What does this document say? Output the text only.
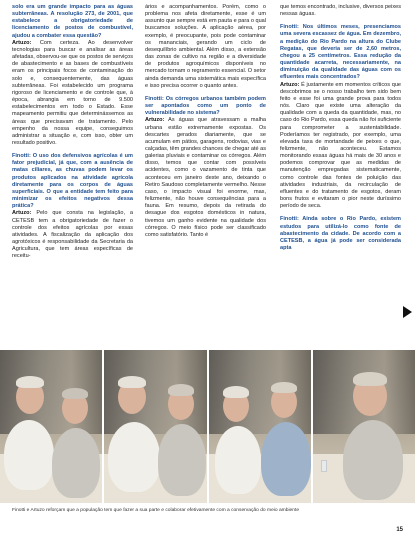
solo era um grande impacto para as águas subterrâneas. A resolução 273, de 2001, que estabelece a obrigatoriedade de licenciamento de postos de combustível, ajudou a combater essa questão?

Artuzo: Com certeza. Ao desenvolver tecnologias para buscar e analisar as áreas afetadas, observou-se que os postos de serviços de abastecimento e as bases de combustíveis eram os principais focos de contaminação do solo e, consequentemente, das águas subterrâneas. Foi estabelecido um programa rigoroso de licenciamento e de controle que, à época, abrangia em torno de 9.500 estabelecimentos em todo o Estado. Esse mapeamento permitiu que determinássemos as áreas que precisavam de tratamento. Pelo empenho da nossa equipe, conseguimos administrar a situação e, com isso, obter um resultado positivo.

Finotti: O uso dos defensivos agrícolas é um fator prejudicial, já que, com a ausência de matas ciliares, as chuvas podem levar os produtos aplicados na atividade agrícola diretamente para os corpos de águas superficiais. O que a entidade tem feito para minimizar os efeitos negativos dessa prática?

Artuzo: Pelo que consta na legislação, a CETESB tem a obrigatoriedade de fazer o controle dos efeitos agrícolas por essas atividades. A fiscalização da aplicação dos agrotóxicos é responsabilidade da Secretaria da Agricultura, que tem áreas específicas de receitu-

ários e acompanhamentos. Porém, como o problema nos afeta diretamente, esse é um assunto que sempre está em pauta e para o qual buscamos soluções. A aplicação aérea, por exemplo, é preocupante, pois pode contaminar os mananciais, gerando um ciclo de desequilíbrio ambiental. Além disso, a extensão das zonas de cultivo na região e a diversidade de produtos agroquímicos disponíveis no mercado tornam o regramento essencial. O setor ainda demanda uma sistemática mais específica e isso precisa ocorrer o quanto antes.

Finotti: Os córregos urbanos também podem ser apontados como um ponto de vulnerabilidade no sistema?

Artuzo: As águas que atravessam a malha urbana estão extremamente expostas. Os descartes gerados diariamente, que se acumulam em pátios, garagens, rodovias, vias e calçadas, têm grandes chances de chegar até as galerias pluviais e contaminar os córregos. Além disso, temos que contar com possíveis acidentes, como o vazamento de tinta que aconteceu em janeiro deste ano, deixando o Retiro Saudoso completamente vermelho. Nesse caso, o impacto visual foi enorme, mas, felizmente, não houve consequências para a fauna. Em resumo, depois da retirada do desague dos esgotos domésticos in natura, tivemos um ganho evidente na qualidade dos córregos. O meio físico pode ser classificado como satisfatório. Tanto é

que temos encontrado, inclusive, diversos peixes nessas águas.

Finotti: Nos últimos meses, presenciamos uma severa escassez de água. Em dezembro, a medição do Rio Pardo na altura do Clube Regatas, que deveria ser de 2,60 metros, chegou a 25 centímetros. Essa redução da quantidade acarreta, necessariamente, na diminuição da qualidade das águas com os efluentes mais concentrados?

Artuzo: É justamente em momentos críticos que descobrimos se o nosso trabalho tem sido bem feito e esse foi uma grande prova para todos nós. Claro que existe uma alteração da qualidade com a queda da quantidade, mas, no caso do Rio Pardo, essa queda não foi suficiente para comprometer a sustentabilidade. Poderíamos ter registrado, por exemplo, uma elevada taxa de mortandade de peixes o que, felizmente, não aconteceu. Estamos monitorando essas águas há mais de 30 anos e podemos comprovar que as medidas de manutenção empregadas sistematicamente, como controle das fontes de poluição das atividades industriais, da recirculação de efluentes e do tratamento de esgotos, deram bons frutos e evitaram o pior neste duríssimo período de seca.

Finotti: Ainda sobre o Rio Pardo, existem estudos para utilizá-lo como fonte de abastecimento da cidade. De acordo com a CETESB, a água já pode ser considerada apta

Finotti e Artuzo reforçam que a população tem que fazer a sua parte e colaborar efetivamente com a conservação do meio ambiente
15
